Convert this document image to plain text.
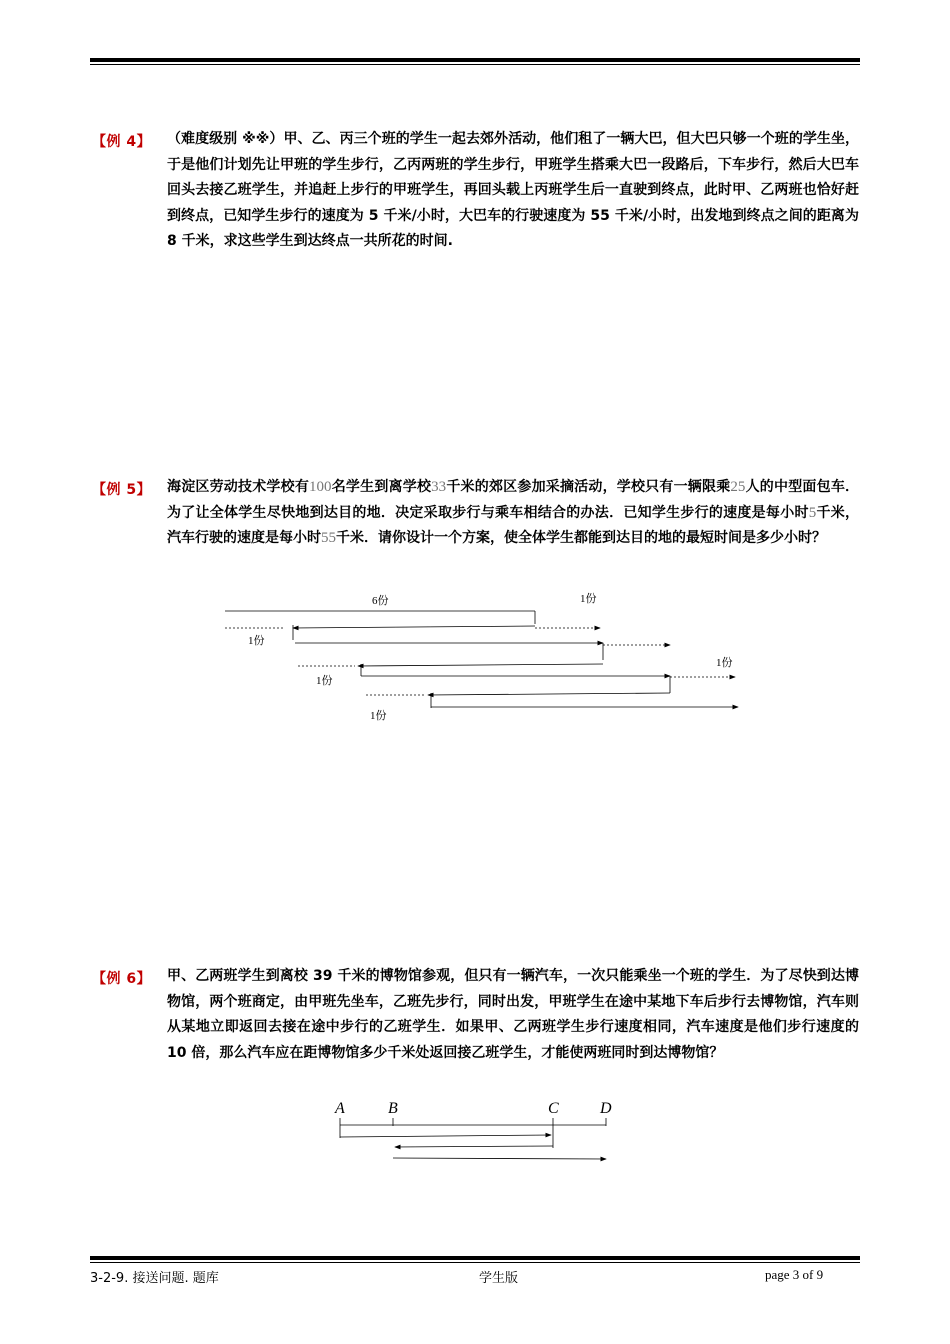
【例 4】 （难度级别 ※※）甲、乙、丙三个班的学生一起去郊外活动，他们租了一辆大巴，但大巴只够一个班的学生坐，于是他们计划先让甲班的学生步行，乙丙两班的学生步行，甲班学生搭乘大巴一段路后，下车步行，然后大巴车回头去接乙班学生，并追赶上步行的甲班学生，再回头载上丙班学生后一直驶到终点，此时甲、乙两班也恰好赶到终点，已知学生步行的速度为 5 千米/小时，大巴车的行驶速度为 55 千米/小时，出发地到终点之间的距离为 8 千米，求这些学生到达终点一共所花的时间.
【例 5】 海淀区劳动技术学校有100名学生到离学校33千米的郊区参加采摘活动，学校只有一辆限乘25人的中型面包车．为了让全体学生尽快地到达目的地．决定采取步行与乘车相结合的办法．已知学生步行的速度是每小时5千米，汽车行驶的速度是每小时55千米．请你设计一个方案，使全体学生都能到达目的地的最短时间是多少小时？
6份	1份
1份
1份
1份
1份
【例 6】 甲、乙两班学生到离校 39 千米的博物馆参观，但只有一辆汽车，一次只能乘坐一个班的学生．为了尽快到达博物馆，两个班商定，由甲班先坐车，乙班先步行，同时出发，甲班学生在途中某地下车后步行去博物馆，汽车则从某地立即返回去接在途中步行的乙班学生．如果甲、乙两班学生步行速度相同，汽车速度是他们步行速度的 10 倍，那么汽车应在距博物馆多少千米处返回接乙班学生，才能使两班同时到达博物馆？
A	B	C	D
3-2-9. 接送问题. 题库	学生版	page 3 of 9
